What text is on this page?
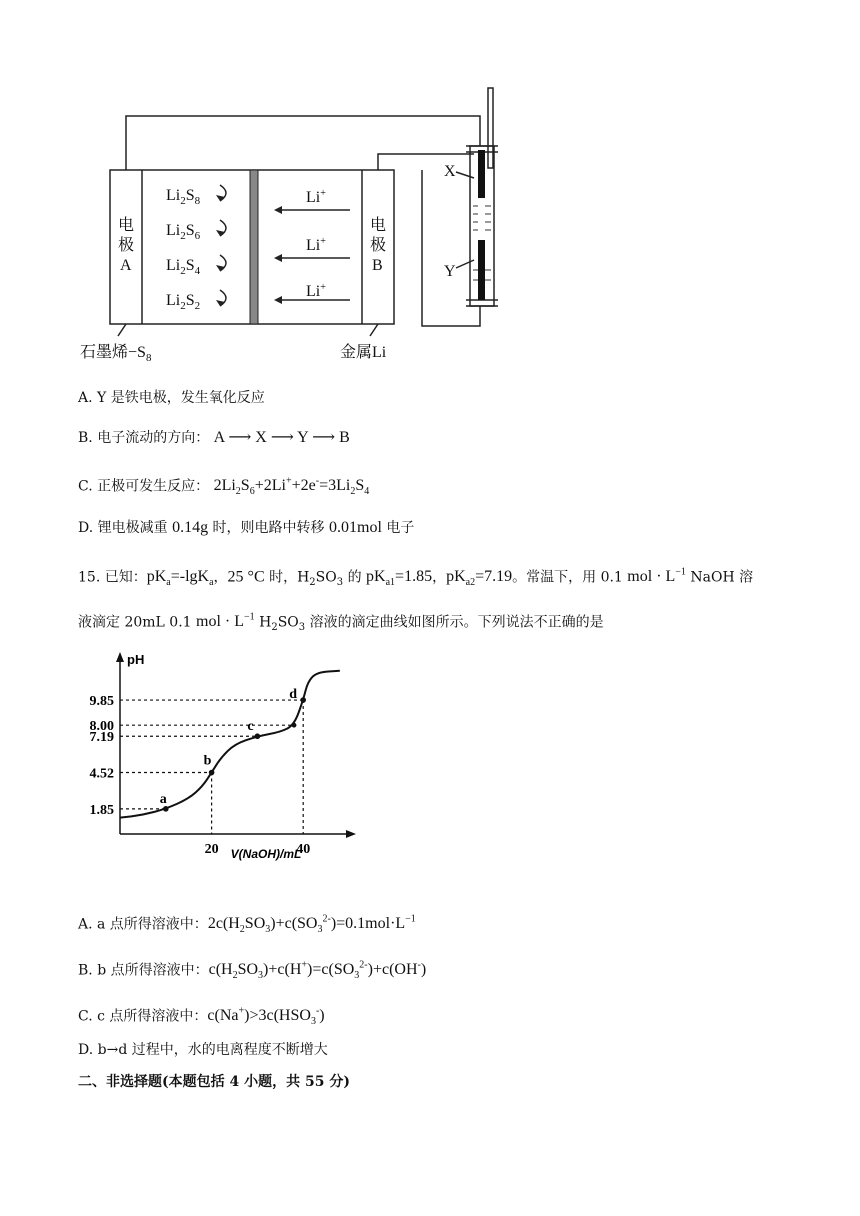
电
极
A
电
极
B
$Li_2S_8$
$Li_2S_6$
$Li_2S_4$
$Li_2S_2$
Li+
Li+
Li+
X
Y
石墨烯$-S_8$	金属Li
A. Y 是铁电极，发生氧化反应
B. 电子流动的方向： A ⟶ X ⟶ Y ⟶ B
C. 正极可发生反应： $2Li_2S_6+2Li^++2e^-=3Li_2S_4$
D. 锂电极减重 0.14g 时，则电路中转移 0.01mol 电子
15. 已知：$pK_a=-\lg K_a$，25 °C 时，$H_2SO_3$ 的 $pK_{a1}=1.85$，$pK_{a2}=7.19$。常温下，用 0.1 mol · $L^{-1}$ NaOH 溶
液滴定 20mL 0.1 mol · $L^{-1}$ $H_2SO_3$ 溶液的滴定曲线如图所示。下列说法不正确的是
pH
V(NaOH)/mL
1.85
4.52
7.19
8.00
9.85
20	40
a
b
c
d
A. a 点所得溶液中：$2c(H_2SO_3)+c(SO_3^{2-})=0.1mol\cdot L^{-1}$
B. b 点所得溶液中：$c(H_2SO_3)+c(H^+)=c(SO_3^{2-})+c(OH^-)$
C. c 点所得溶液中：$c(Na^+)>3c(HSO_3^-)$
D. b→d 过程中，水的电离程度不断增大
二、非选择题(本题包括 4 小题，共 55 分)
